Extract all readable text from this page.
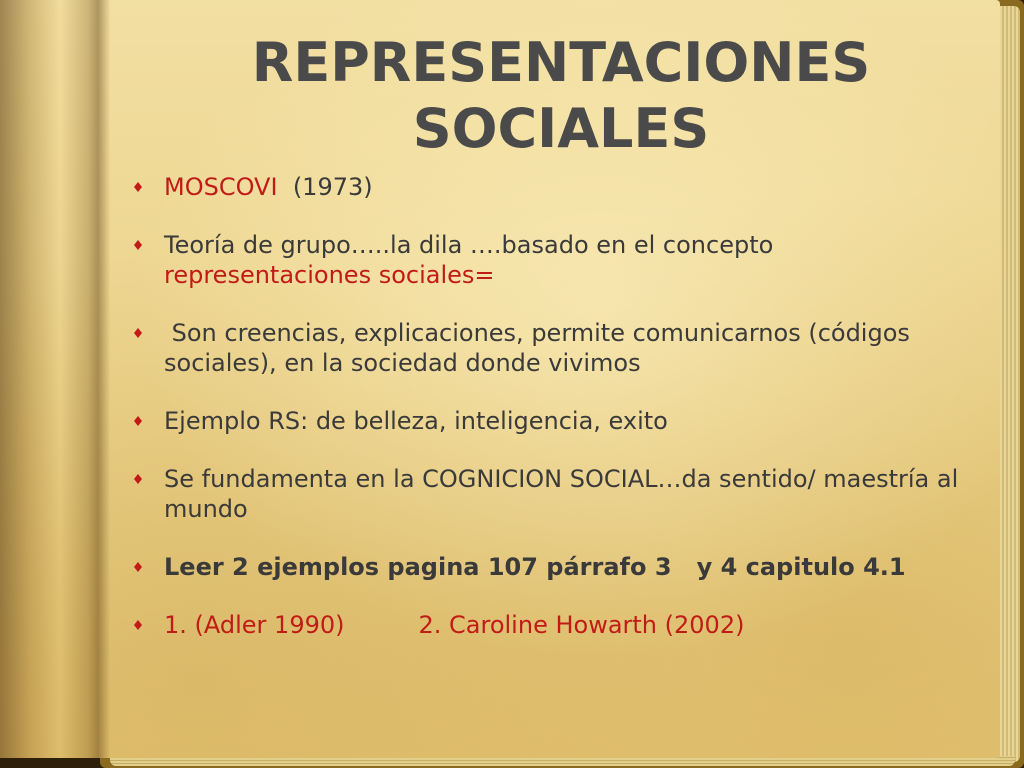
REPRESENTACIONES
SOCIALES
MOSCOVI  (1973)
Teoría de grupo…..la dila ….basado en el concepto
representaciones sociales=
Son creencias, explicaciones, permite comunicarnos (códigos sociales), en la sociedad donde vivimos
Ejemplo RS: de belleza, inteligencia, exito
Se fundamenta en la COGNICION SOCIAL…da sentido/ maestría al mundo
Leer 2 ejemplos pagina 107 párrafo 3   y 4 capitulo 4.1
1. (Adler 1990)	2. Caroline Howarth (2002)
